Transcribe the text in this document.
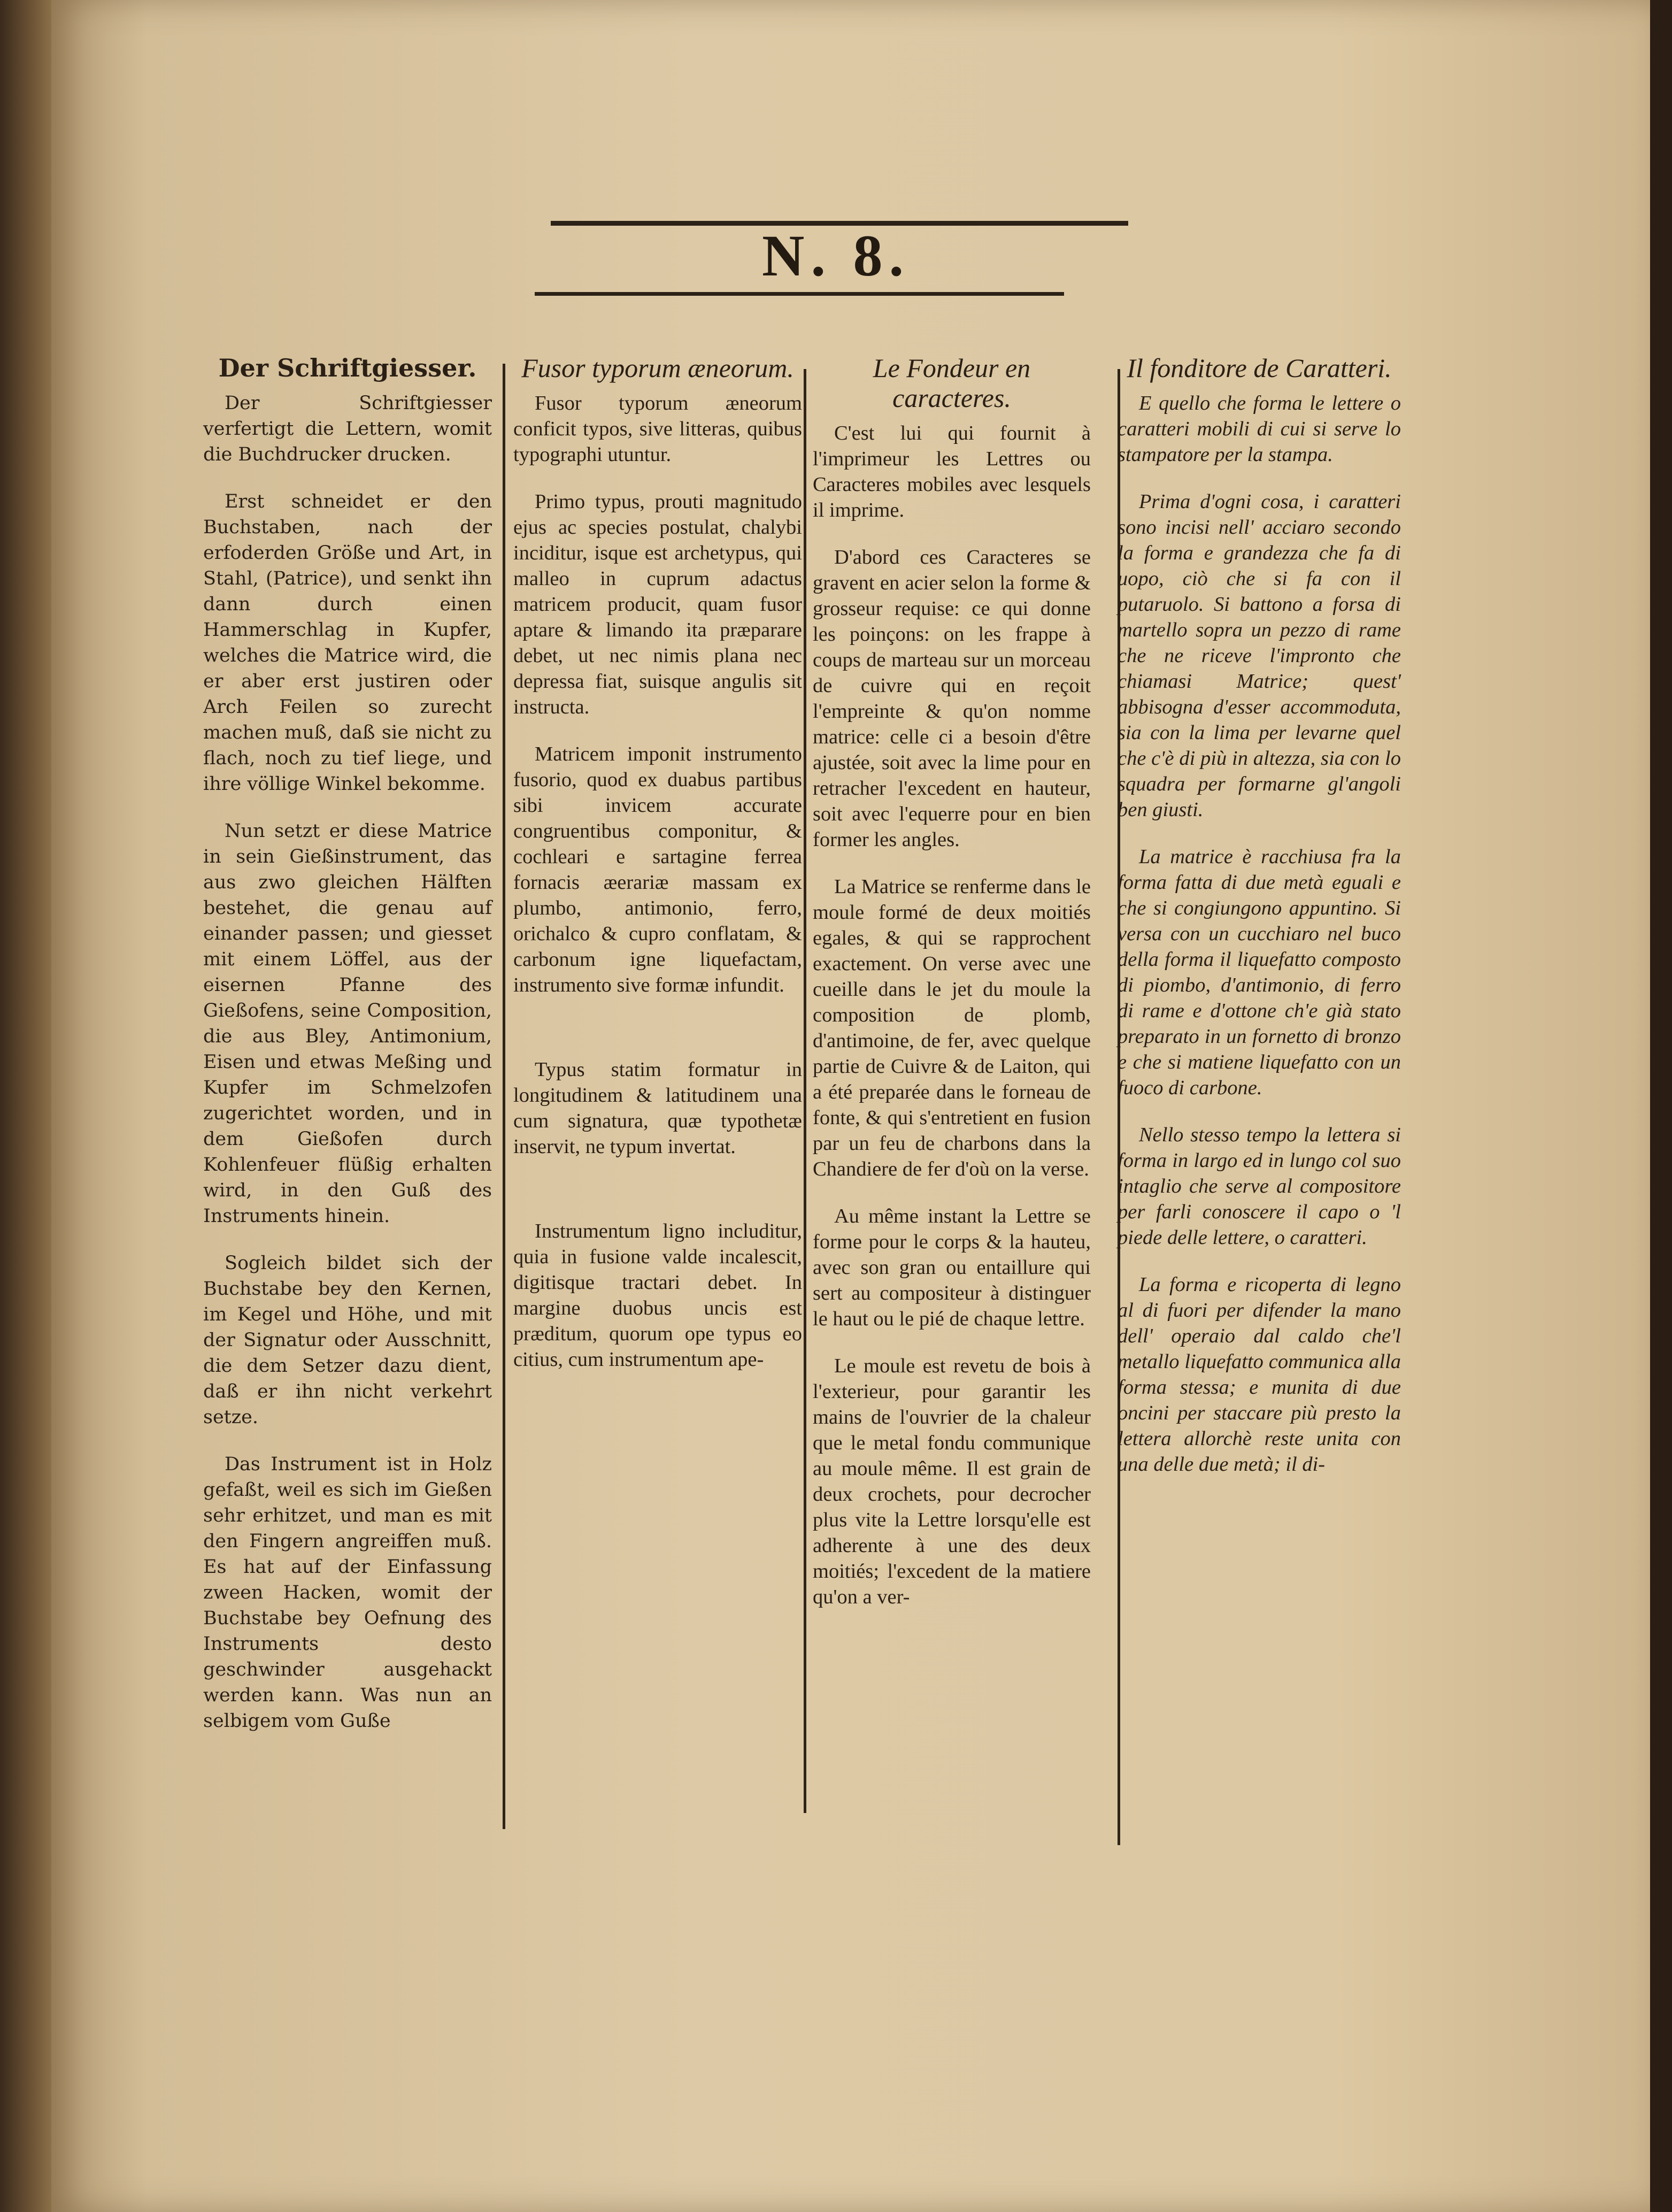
N. 8.
Der Schriftgiesser.

Der Schriftgiesser verfertigt die Lettern, womit die Buchdrucker drucken.

Erst schneidet er den Buchstaben, nach der erfoderden Größe und Art, in Stahl, (Patrice), und senkt ihn dann durch einen Hammerschlag in Kupfer, welches die Matrice wird, die er aber erst justiren oder Arch Feilen so zurecht machen muß, daß sie nicht zu flach, noch zu tief liege, und ihre völlige Winkel bekomme.

Nun setzt er diese Matrice in sein Gießinstrument, das aus zwo gleichen Hälften bestehet, die genau auf einander passen; und giesset mit einem Löffel, aus der eisernen Pfanne des Gießofens, seine Composition, die aus Bley, Antimonium, Eisen und etwas Meßing und Kupfer im Schmelzofen zugerichtet worden, und in dem Gießofen durch Kohlenfeuer flüßig erhalten wird, in den Guß des Instruments hinein.

Sogleich bildet sich der Buchstabe bey den Kernen, im Kegel und Höhe, und mit der Signatur oder Ausschnitt, die dem Setzer dazu dient, daß er ihn nicht verkehrt setze.

Das Instrument ist in Holz gefaßt, weil es sich im Gießen sehr erhitzet, und man es mit den Fingern angreiffen muß. Es hat auf der Einfassung zween Hacken, womit der Buchstabe bey Oefnung des Instruments desto geschwinder ausgehackt werden kann. Was nun an selbigem vom Guße

Fusor typorum æneorum.

Fusor typorum æneorum conficit typos, sive litteras, quibus typographi utuntur.

Primo typus, prouti magnitudo ejus ac species postulat, chalybi inciditur, isque est archetypus, qui malleo in cuprum adactus matricem producit, quam fusor aptare & limando ita præparare debet, ut nec nimis plana nec depressa fiat, suisque angulis sit instructa.

Matricem imponit instrumento fusorio, quod ex duabus partibus sibi invicem accurate congruentibus componitur, & cochleari e sartagine ferrea fornacis æerariæ massam ex plumbo, antimonio, ferro, orichalco & cupro conflatam, & carbonum igne liquefactam, instrumento sive formæ infundit.

Typus statim formatur in longitudinem & latitudinem una cum signatura, quæ typothetæ inservit, ne typum invertat.

Instrumentum ligno includitur, quia in fusione valde incalescit, digitisque tractari debet. In margine duobus uncis est præditum, quorum ope typus eo citius, cum instrumentum ape-

Le Fondeur en caracteres.

C'est lui qui fournit à l'imprimeur les Lettres ou Caracteres mobiles avec lesquels il imprime.

D'abord ces Caracteres se gravent en acier selon la forme & grosseur requise: ce qui donne les poinçons: on les frappe à coups de marteau sur un morceau de cuivre qui en reçoit l'empreinte & qu'on nomme matrice: celle ci a besoin d'être ajustée, soit avec la lime pour en retracher l'excedent en hauteur, soit avec l'equerre pour en bien former les angles.

La Matrice se renferme dans le moule formé de deux moitiés egales, & qui se rapprochent exactement. On verse avec une cueille dans le jet du moule la composition de plomb, d'antimoine, de fer, avec quelque partie de Cuivre & de Laiton, qui a été preparée dans le forneau de fonte, & qui s'entretient en fusion par un feu de charbons dans la Chandiere de fer d'où on la verse.

Au même instant la Lettre se forme pour le corps & la hauteu, avec son gran ou entaillure qui sert au compositeur à distinguer le haut ou le pié de chaque lettre.

Le moule est revetu de bois à l'exterieur, pour garantir les mains de l'ouvrier de la chaleur que le metal fondu communique au moule même. Il est grain de deux crochets, pour decrocher plus vite la Lettre lorsqu'elle est adherente à une des deux moitiés; l'excedent de la matiere qu'on a ver-

Il fonditore de Caratteri.

E quello che forma le lettere o caratteri mobili di cui si serve lo stampatore per la stampa.

Prima d'ogni cosa, i caratteri sono incisi nell' acciaro secondo la forma e grandezza che fa di uopo, ciò che si fa con il putaruolo. Si battono a forsa di martello sopra un pezzo di rame che ne riceve l'impronto che chiamasi Matrice; quest' abbisogna d'esser accommoduta, sia con la lima per levarne quel che c'è di più in altezza, sia con lo squadra per formarne gl'angoli ben giusti.

La matrice è racchiusa fra la forma fatta di due metà eguali e che si congiungono appuntino. Si versa con un cucchiaro nel buco della forma il liquefatto composto di piombo, d'antimonio, di ferro di rame e d'ottone ch'e già stato preparato in un fornetto di bronzo e che si matiene liquefatto con un fuoco di carbone.

Nello stesso tempo la lettera si forma in largo ed in lungo col suo intaglio che serve al compositore per farli conoscere il capo o 'l piede delle lettere, o caratteri.

La forma e ricoperta di legno al di fuori per difender la mano dell' operaio dal caldo che'l metallo liquefatto communica alla forma stessa; e munita di due oncini per staccare più presto la lettera allorchè reste unita con una delle due metà; il di-
